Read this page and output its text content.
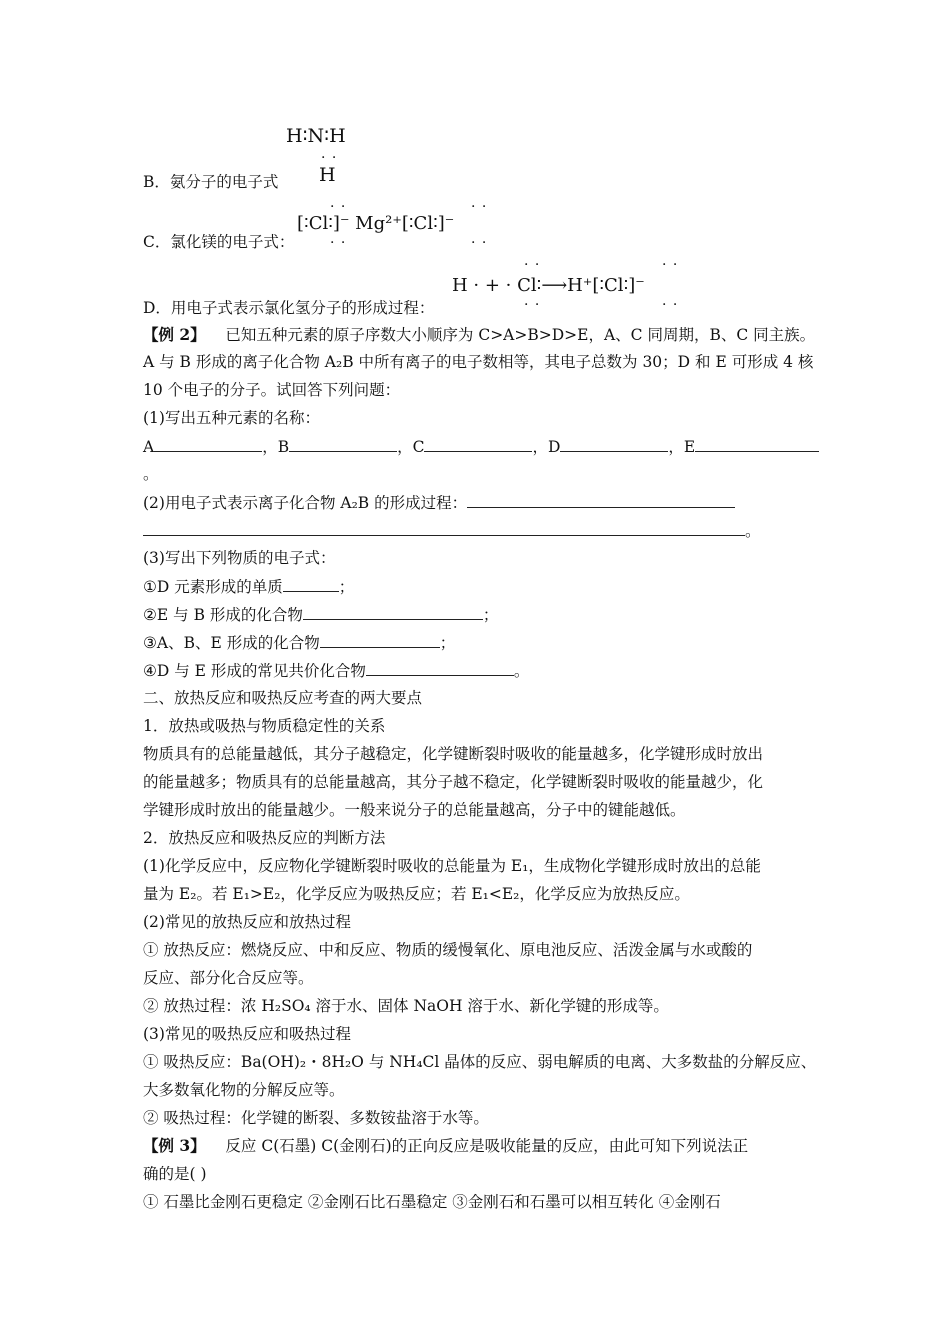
H∶N∶H
· ·
H
B．氨分子的电子式
· ·	· ·
[∶Cl∶]⁻ Mg²⁺[∶Cl∶]⁻
· ·	· ·
C．氯化镁的电子式：
· ·	· ·
H · + · Cl∶⟶H⁺[∶Cl∶]⁻
· ·	· ·
D．用电子式表示氯化氢分子的形成过程：
【例 2】 已知五种元素的原子序数大小顺序为 C>A>B>D>E，A、C 同周期，B、C 同主族。
A 与 B 形成的离子化合物 A₂B 中所有离子的电子数相等，其电子总数为 30；D 和 E 可形成 4 核
10 个电子的分子。试回答下列问题：
(1)写出五种元素的名称：
A	，B	，C	，D	，E
。
(2)用电子式表示离子化合物 A₂B 的形成过程：
。
(3)写出下列物质的电子式：
①D 元素形成的单质	；
②E 与 B 形成的化合物	；
③A、B、E 形成的化合物	；
④D 与 E 形成的常见共价化合物	。
二、放热反应和吸热反应考查的两大要点
1．放热或吸热与物质稳定性的关系
物质具有的总能量越低，其分子越稳定，化学键断裂时吸收的能量越多，化学键形成时放出
的能量越多；物质具有的总能量越高，其分子越不稳定，化学键断裂时吸收的能量越少，化
学键形成时放出的能量越少。一般来说分子的总能量越高，分子中的键能越低。
2．放热反应和吸热反应的判断方法
(1)化学反应中，反应物化学键断裂时吸收的总能量为 E₁，生成物化学键形成时放出的总能
量为 E₂。若 E₁>E₂，化学反应为吸热反应；若 E₁<E₂，化学反应为放热反应。
(2)常见的放热反应和放热过程
① 放热反应：燃烧反应、中和反应、物质的缓慢氧化、原电池反应、活泼金属与水或酸的
反应、部分化合反应等。
② 放热过程：浓 H₂SO₄ 溶于水、固体 NaOH 溶于水、新化学键的形成等。
(3)常见的吸热反应和吸热过程
① 吸热反应：Ba(OH)₂・8H₂O 与 NH₄Cl 晶体的反应、弱电解质的电离、大多数盐的分解反应、
大多数氧化物的分解反应等。
② 吸热过程：化学键的断裂、多数铵盐溶于水等。
【例 3】 反应 C(石墨) C(金刚石)的正向反应是吸收能量的反应，由此可知下列说法正
确的是( )
① 石墨比金刚石更稳定 ②金刚石比石墨稳定 ③金刚石和石墨可以相互转化 ④金刚石
